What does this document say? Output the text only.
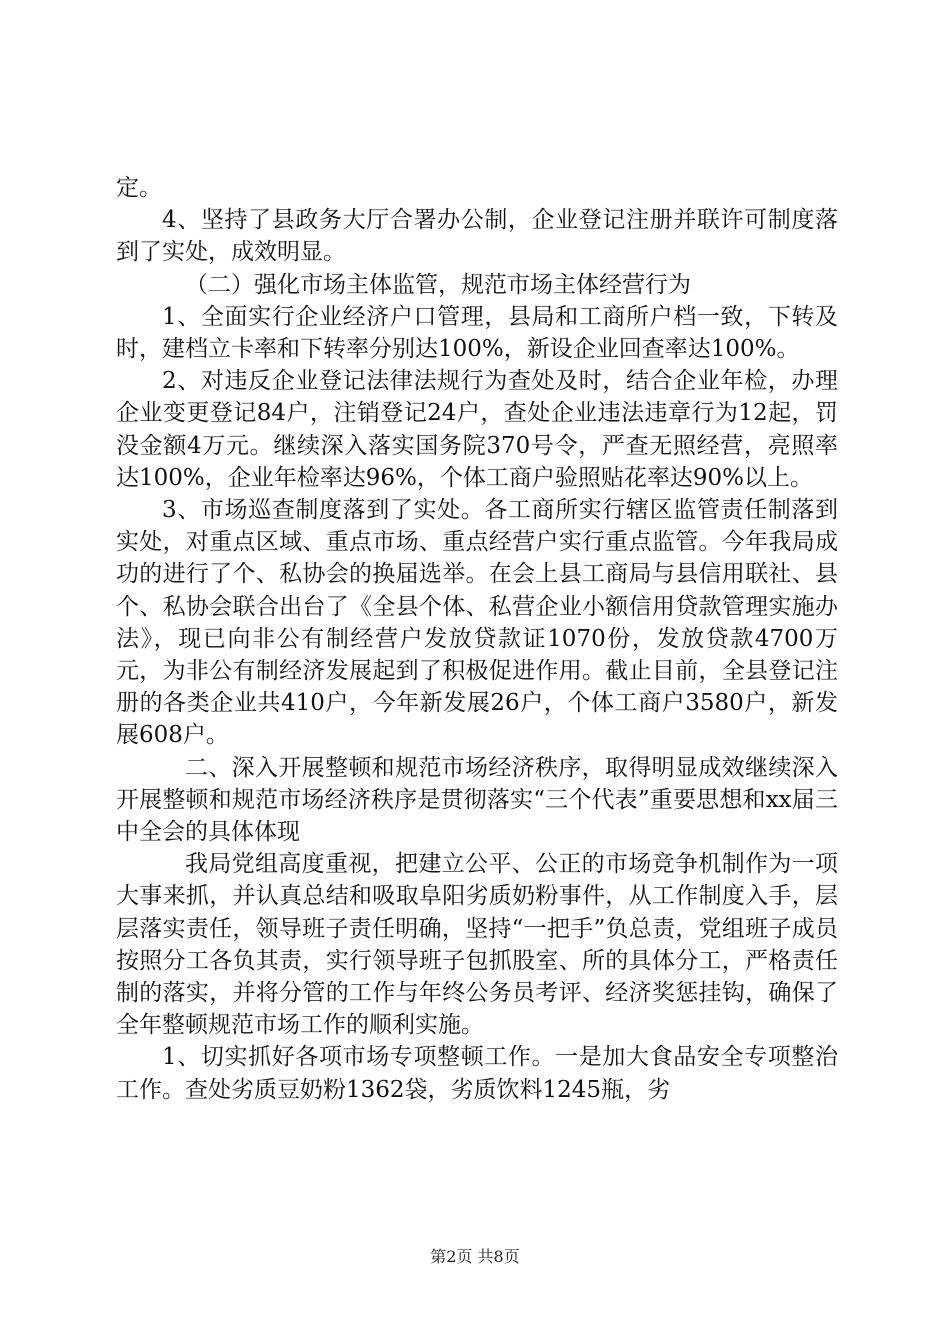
定。

4、坚持了县政务大厅合署办公制，企业登记注册并联许可制度落到了实处，成效明显。

（二）强化市场主体监管，规范市场主体经营行为

1、全面实行企业经济户口管理，县局和工商所户档一致，下转及时，建档立卡率和下转率分别达100%，新设企业回查率达100%。

2、对违反企业登记法律法规行为查处及时，结合企业年检，办理企业变更登记84户，注销登记24户，查处企业违法违章行为12起，罚没金额4万元。继续深入落实国务院370号令，严查无照经营，亮照率达100%，企业年检率达96%，个体工商户验照贴花率达90%以上。

3、市场巡查制度落到了实处。各工商所实行辖区监管责任制落到实处，对重点区域、重点市场、重点经营户实行重点监管。今年我局成功的进行了个、私协会的换届选举。在会上县工商局与县信用联社、县个、私协会联合出台了《全县个体、私营企业小额信用贷款管理实施办法》，现已向非公有制经营户发放贷款证1070份，发放贷款4700万元，为非公有制经济发展起到了积极促进作用。截止目前，全县登记注册的各类企业共410户，今年新发展26户，个体工商户3580户，新发展608户。

二、深入开展整顿和规范市场经济秩序，取得明显成效继续深入开展整顿和规范市场经济秩序是贯彻落实“三个代表”重要思想和xx届三中全会的具体体现

我局党组高度重视，把建立公平、公正的市场竞争机制作为一项大事来抓，并认真总结和吸取阜阳劣质奶粉事件，从工作制度入手，层层落实责任，领导班子责任明确，坚持“一把手”负总责，党组班子成员按照分工各负其责，实行领导班子包抓股室、所的具体分工，严格责任制的落实，并将分管的工作与年终公务员考评、经济奖惩挂钩，确保了全年整顿规范市场工作的顺利实施。

1、切实抓好各项市场专项整顿工作。一是加大食品安全专项整治工作。查处劣质豆奶粉1362袋，劣质饮料1245瓶，劣

第2页 共8页
